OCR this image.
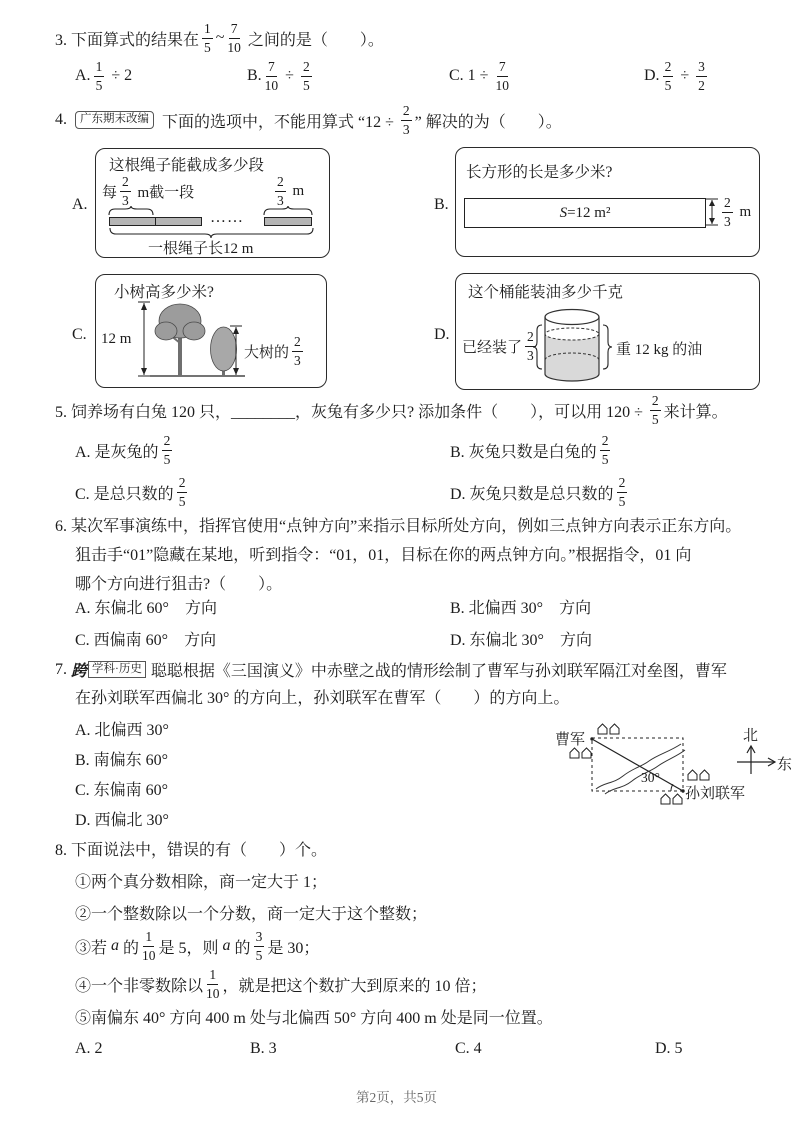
3. 下面算式的结果在 $\frac{1}{5}$ ~ $\frac{7}{10}$ 之间的是（　　）。
A. $\frac{1}{5} \div 2$	B. $\frac{7}{10} \div \frac{2}{5}$	C. $1 \div \frac{7}{10}$	D. $\frac{2}{5} \div \frac{3}{2}$
4. 广东期末改编 下面的选项中，不能用算式 “$12 \div \frac{2}{3}$ ” 解决的为（　　）。
A.	B.
C.	D.
这根绳子能截成多少段
每 $\frac{2}{3}$ m截一段	$\frac{2}{3}$ m
……
一根绳子长12 m
长方形的长是多少米?
S =12 m²	$\frac{2}{3}$ m
小树高多少米?
12 m
大树的 $\frac{2}{3}$
这个桶能装油多少千克
已经装了 $\frac{2}{3}$	重 12 kg 的油
5. 饲养场有白兔 120 只，________，灰兔有多少只? 添加条件（　　），可以用 $120 \div \frac{2}{5}$ 来计算。
A. 是灰兔的 $\frac{2}{5}$	B. 灰兔只数是白兔的 $\frac{2}{5}$
C. 是总只数的 $\frac{2}{5}$	D. 灰兔只数是总只数的 $\frac{2}{5}$
6. 某次军事演练中，指挥官使用“点钟方向”来指示目标所处方向，例如三点钟方向表示正东方向。
狙击手“01”隐藏在某地，听到指令：“01，01，目标在你的两点钟方向。”根据指令，01 向
哪个方向进行狙击?（　　）。
A. 东偏北 60°　方向	B. 北偏西 30°　方向
C. 西偏南 60°　方向	D. 东偏北 30°　方向
7. 跨 学科·历史 聪聪根据《三国演义》中赤壁之战的情形绘制了曹军与孙刘联军隔江对垒图，曹军
在孙刘联军西偏北 30° 的方向上，孙刘联军在曹军（　　）的方向上。
A. 北偏西 30°
B. 南偏东 60°
C. 东偏南 60°
D. 西偏北 30°
曹军
孙刘联军
30°
北
东
8. 下面说法中，错误的有（　　）个。
①两个真分数相除，商一定大于 1；
②一个整数除以一个分数，商一定大于这个整数；
③若 a 的 $\frac{1}{10}$ 是 5，则 a 的 $\frac{3}{5}$ 是 30；
④一个非零数除以 $\frac{1}{10}$ ，就是把这个数扩大到原来的 10 倍；
⑤南偏东 40° 方向 400 m 处与北偏西 50° 方向 400 m 处是同一位置。
A. 2	B. 3	C. 4	D. 5
第2页，共5页
